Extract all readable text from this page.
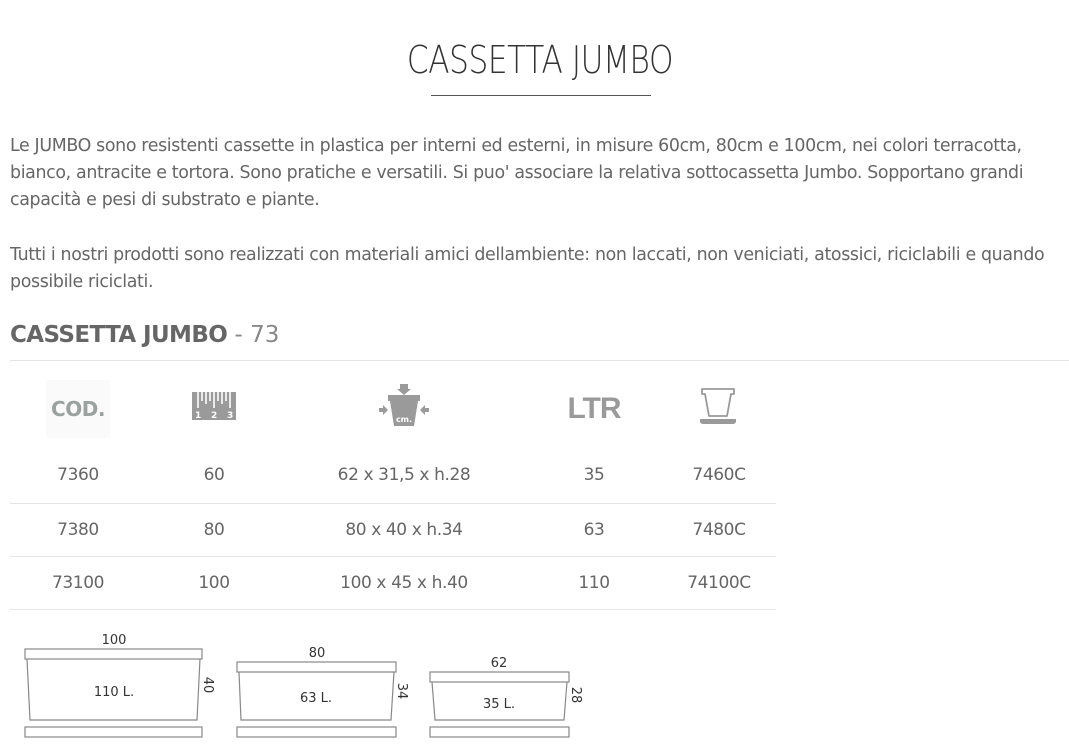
CASSETTA JUMBO
Le JUMBO sono resistenti cassette in plastica per interni ed esterni, in misure 60cm, 80cm e 100cm, nei colori terracotta, bianco, antracite e tortora. Sono pratiche e versatili. Si puo' associare la relativa sottocassetta Jumbo. Sopportano grandi capacità e pesi di substrato e piante.
Tutti i nostri prodotti sono realizzati con materiali amici dellambiente: non laccati, non veniciati, atossici, riciclabili e quando possibile riciclati.
CASSETTA JUMBO - 73
COD.	1 2 3	cm.	LTR	
7360	60	62 x 31,5 x h.28	35	7460C
7380	80	80 x 40 x h.34	63	7480C
73100	100	100 x 45 x h.40	110	74100C
100
110 L.	40
80
63 L.	34
62
35 L.
28
